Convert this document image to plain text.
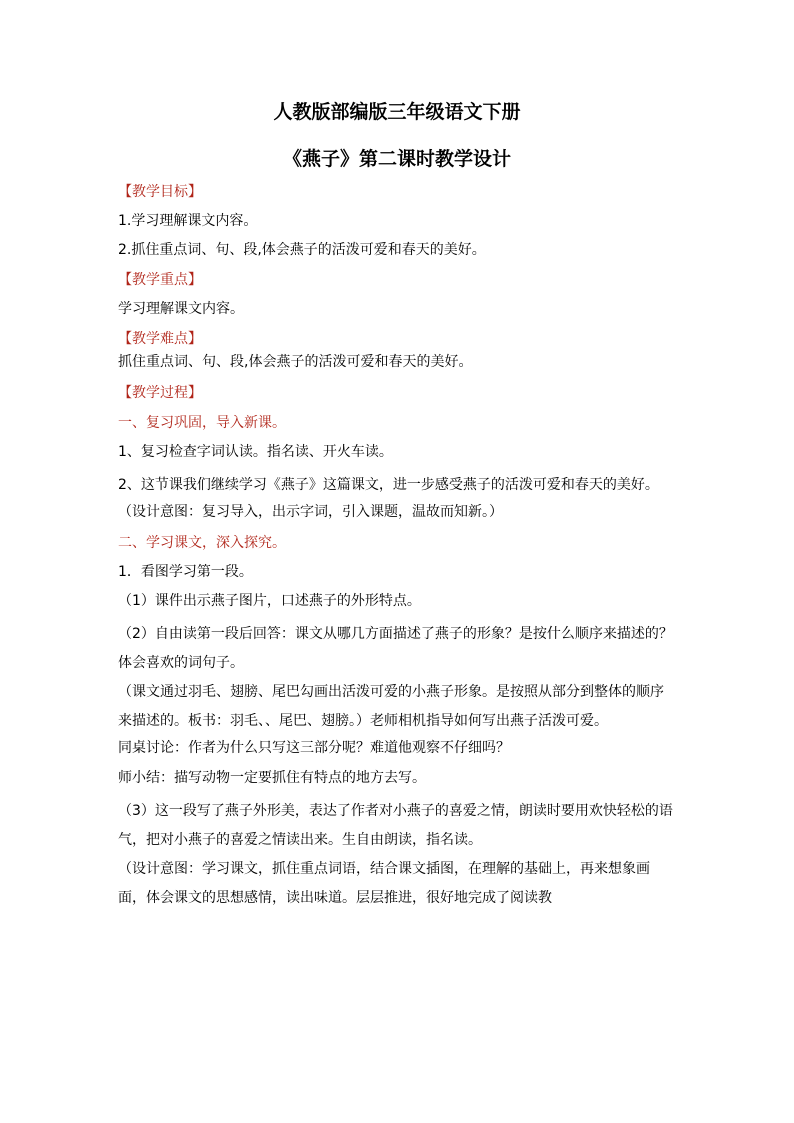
人教版部编版三年级语文下册
《燕子》第二课时教学设计
【教学目标】

1.学习理解课文内容。

2.抓住重点词、句、段,体会燕子的活泼可爱和春天的美好。

【教学重点】

学习理解课文内容。

【教学难点】

抓住重点词、句、段,体会燕子的活泼可爱和春天的美好。

【教学过程】
一、复习巩固，导入新课。

1、复习检查字词认读。指名读、开火车读。

2、这节课我们继续学习《燕子》这篇课文，进一步感受燕子的活泼可爱和春天的美好。

（设计意图：复习导入，出示字词，引入课题，温故而知新。）

二、学习课文，深入探究。

1．看图学习第一段。

（1）课件出示燕子图片，口述燕子的外形特点。

（2）自由读第一段后回答：课文从哪几方面描述了燕子的形象？是按什么顺序来描述的？体会喜欢的词句子。

（课文通过羽毛、翅膀、尾巴勾画出活泼可爱的小燕子形象。是按照从部分到整体的顺序来描述的。板书：羽毛、、尾巴、翅膀。）老师相机指导如何写出燕子活泼可爱。

同桌讨论：作者为什么只写这三部分呢？难道他观察不仔细吗？

师小结：描写动物一定要抓住有特点的地方去写。

（3）这一段写了燕子外形美，表达了作者对小燕子的喜爱之情，朗读时要用欢快轻松的语气，把对小燕子的喜爱之情读出来。生自由朗读，指名读。

（设计意图：学习课文，抓住重点词语，结合课文插图，在理解的基础上，再来想象画面，体会课文的思想感情，读出味道。层层推进，很好地完成了阅读教
